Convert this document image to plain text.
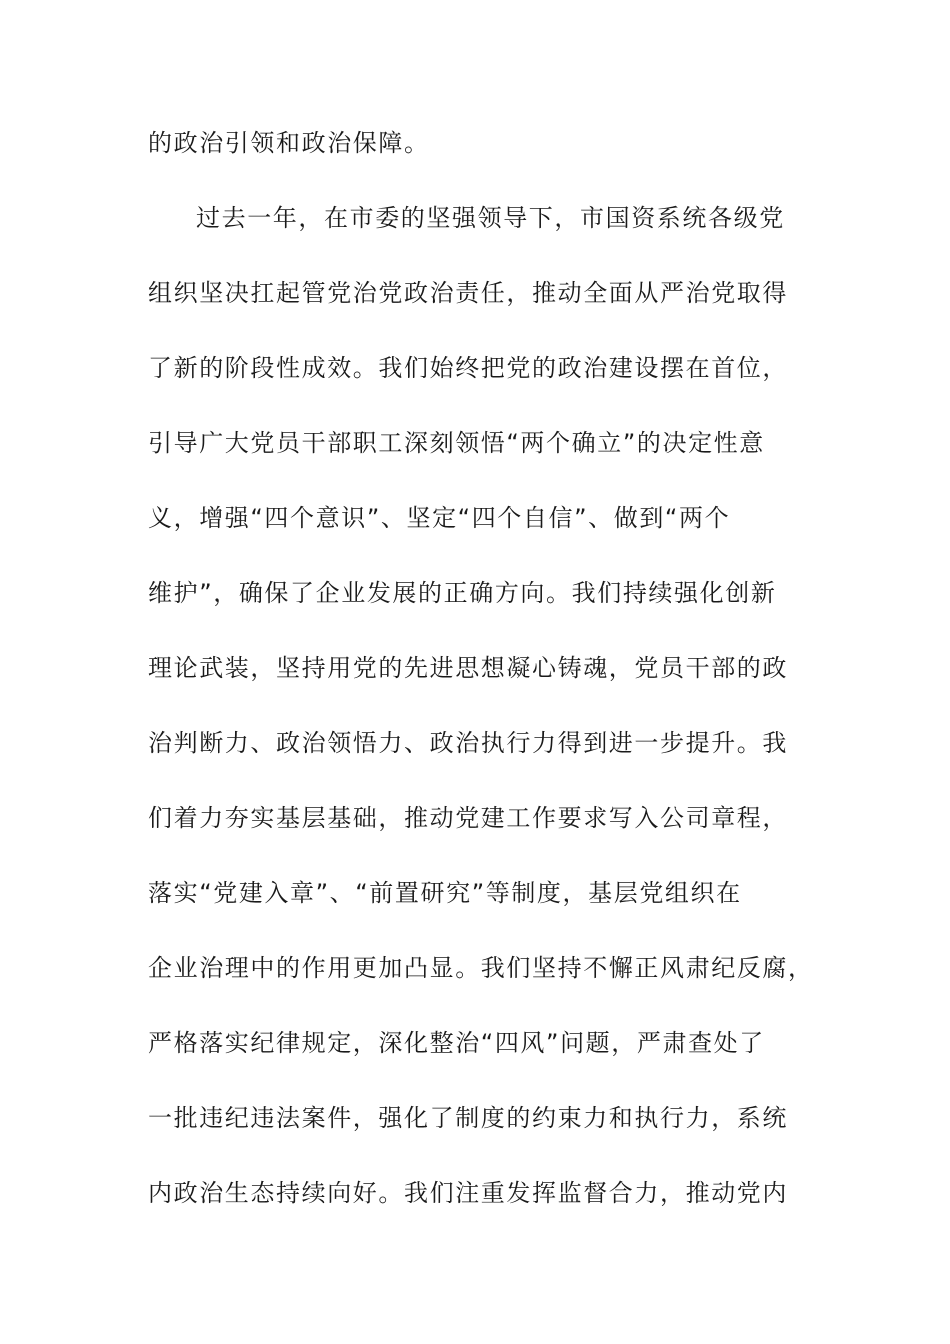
的政治引领和政治保障。
过去一年，在市委的坚强领导下，市国资系统各级党
组织坚决扛起管党治党政治责任，推动全面从严治党取得
了新的阶段性成效。我们始终把党的政治建设摆在首位，
引导广大党员干部职工深刻领悟“两个确立”的决定性意
义，增强“四个意识”、坚定“四个自信”、做到“两个
维护”，确保了企业发展的正确方向。我们持续强化创新
理论武装，坚持用党的先进思想凝心铸魂，党员干部的政
治判断力、政治领悟力、政治执行力得到进一步提升。我
们着力夯实基层基础，推动党建工作要求写入公司章程，
落实“党建入章”、“前置研究”等制度，基层党组织在
企业治理中的作用更加凸显。我们坚持不懈正风肃纪反腐，
严格落实纪律规定，深化整治“四风”问题，严肃查处了
一批违纪违法案件，强化了制度的约束力和执行力，系统
内政治生态持续向好。我们注重发挥监督合力，推动党内
